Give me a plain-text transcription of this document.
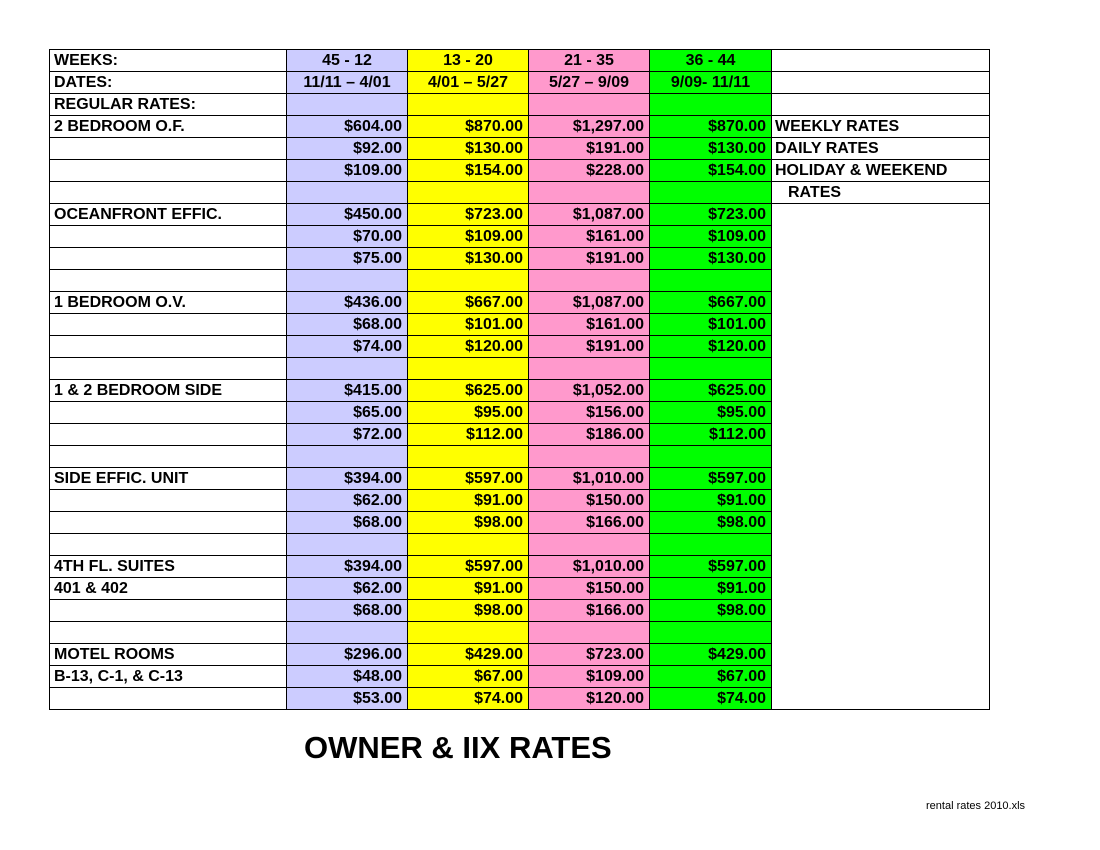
WEEKS:	45 - 12	13 - 20	21 - 35	36 - 44	
DATES:	11/11 – 4/01	4/01 – 5/27	5/27 – 9/09	9/09- 11/11	
REGULAR RATES:					
2 BEDROOM O.F.	$604.00	$870.00	$1,297.00	$870.00	WEEKLY RATES
	$92.00	$130.00	$191.00	$130.00	DAILY RATES
	$109.00	$154.00	$228.00	$154.00	HOLIDAY & WEEKEND
					RATES
OCEANFRONT EFFIC.	$450.00	$723.00	$1,087.00	$723.00	
	$70.00	$109.00	$161.00	$109.00	
	$75.00	$130.00	$191.00	$130.00	

1 BEDROOM O.V.	$436.00	$667.00	$1,087.00	$667.00	
	$68.00	$101.00	$161.00	$101.00	
	$74.00	$120.00	$191.00	$120.00	

1 & 2 BEDROOM SIDE	$415.00	$625.00	$1,052.00	$625.00	
	$65.00	$95.00	$156.00	$95.00	
	$72.00	$112.00	$186.00	$112.00	

SIDE EFFIC. UNIT	$394.00	$597.00	$1,010.00	$597.00	
	$62.00	$91.00	$150.00	$91.00	
	$68.00	$98.00	$166.00	$98.00	

4TH FL. SUITES	$394.00	$597.00	$1,010.00	$597.00	
401 & 402	$62.00	$91.00	$150.00	$91.00	
	$68.00	$98.00	$166.00	$98.00	

MOTEL ROOMS	$296.00	$429.00	$723.00	$429.00	
B-13, C-1, & C-13	$48.00	$67.00	$109.00	$67.00	
	$53.00	$74.00	$120.00	$74.00	
OWNER & IIX RATES
rental rates 2010.xls
